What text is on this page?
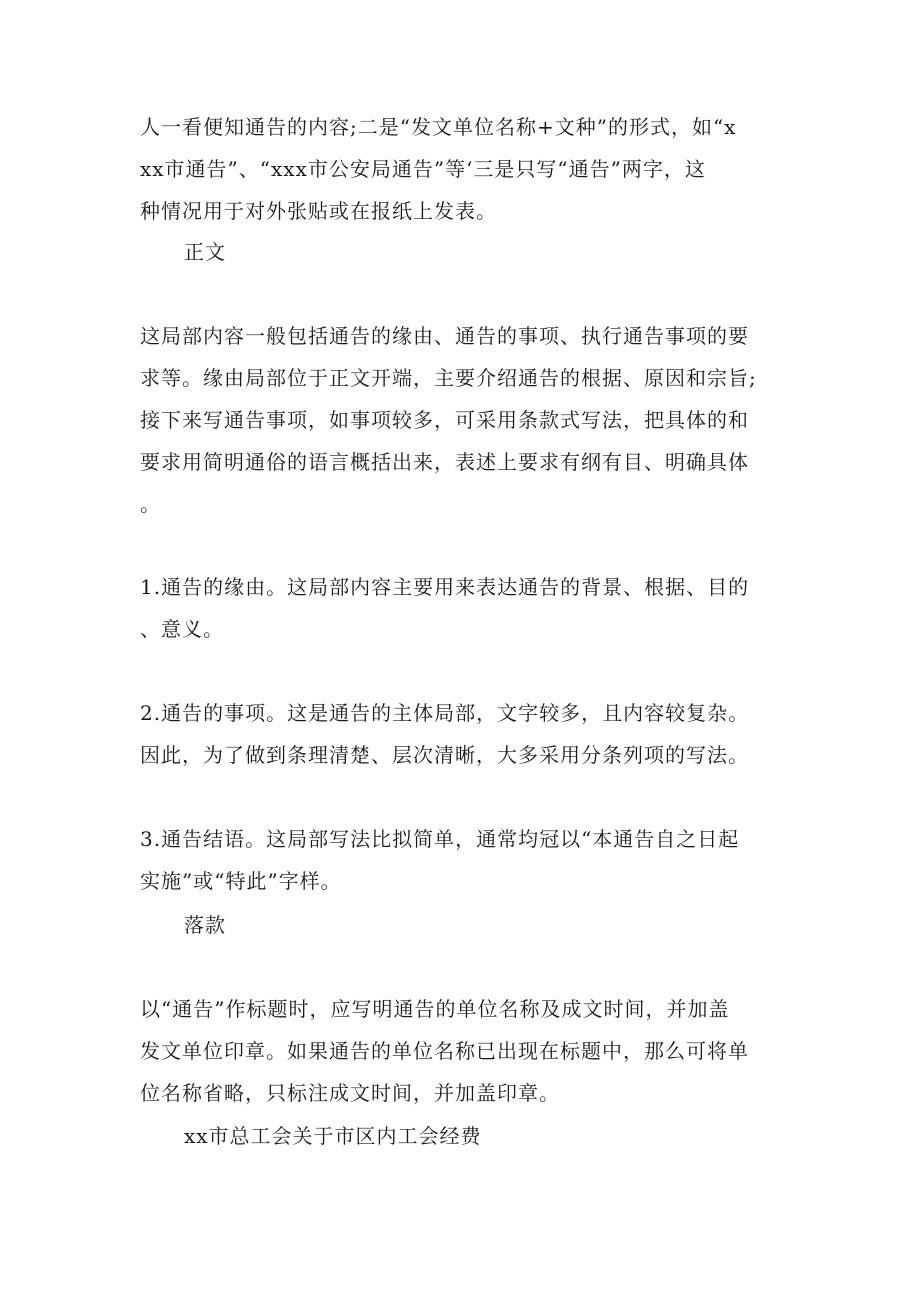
人一看便知通告的内容;二是“发文单位名称+文种”的形式，如“x
xx市通告”、“xxx市公安局通告”等‘三是只写“通告”两字，这
种情况用于对外张贴或在报纸上发表。

正文

这局部内容一般包括通告的缘由、通告的事项、执行通告事项的要
求等。缘由局部位于正文开端，主要介绍通告的根据、原因和宗旨;
接下来写通告事项，如事项较多，可采用条款式写法，把具体的和
要求用简明通俗的语言概括出来，表述上要求有纲有目、明确具体
。

1.通告的缘由。这局部内容主要用来表达通告的背景、根据、目的
、意义。

2.通告的事项。这是通告的主体局部，文字较多，且内容较复杂。
因此，为了做到条理清楚、层次清晰，大多采用分条列项的写法。

3.通告结语。这局部写法比拟简单，通常均冠以“本通告自之日起
实施”或“特此”字样。

落款

以“通告”作标题时，应写明通告的单位名称及成文时间，并加盖
发文单位印章。如果通告的单位名称已出现在标题中，那么可将单
位名称省略，只标注成文时间，并加盖印章。

xx市总工会关于市区内工会经费
